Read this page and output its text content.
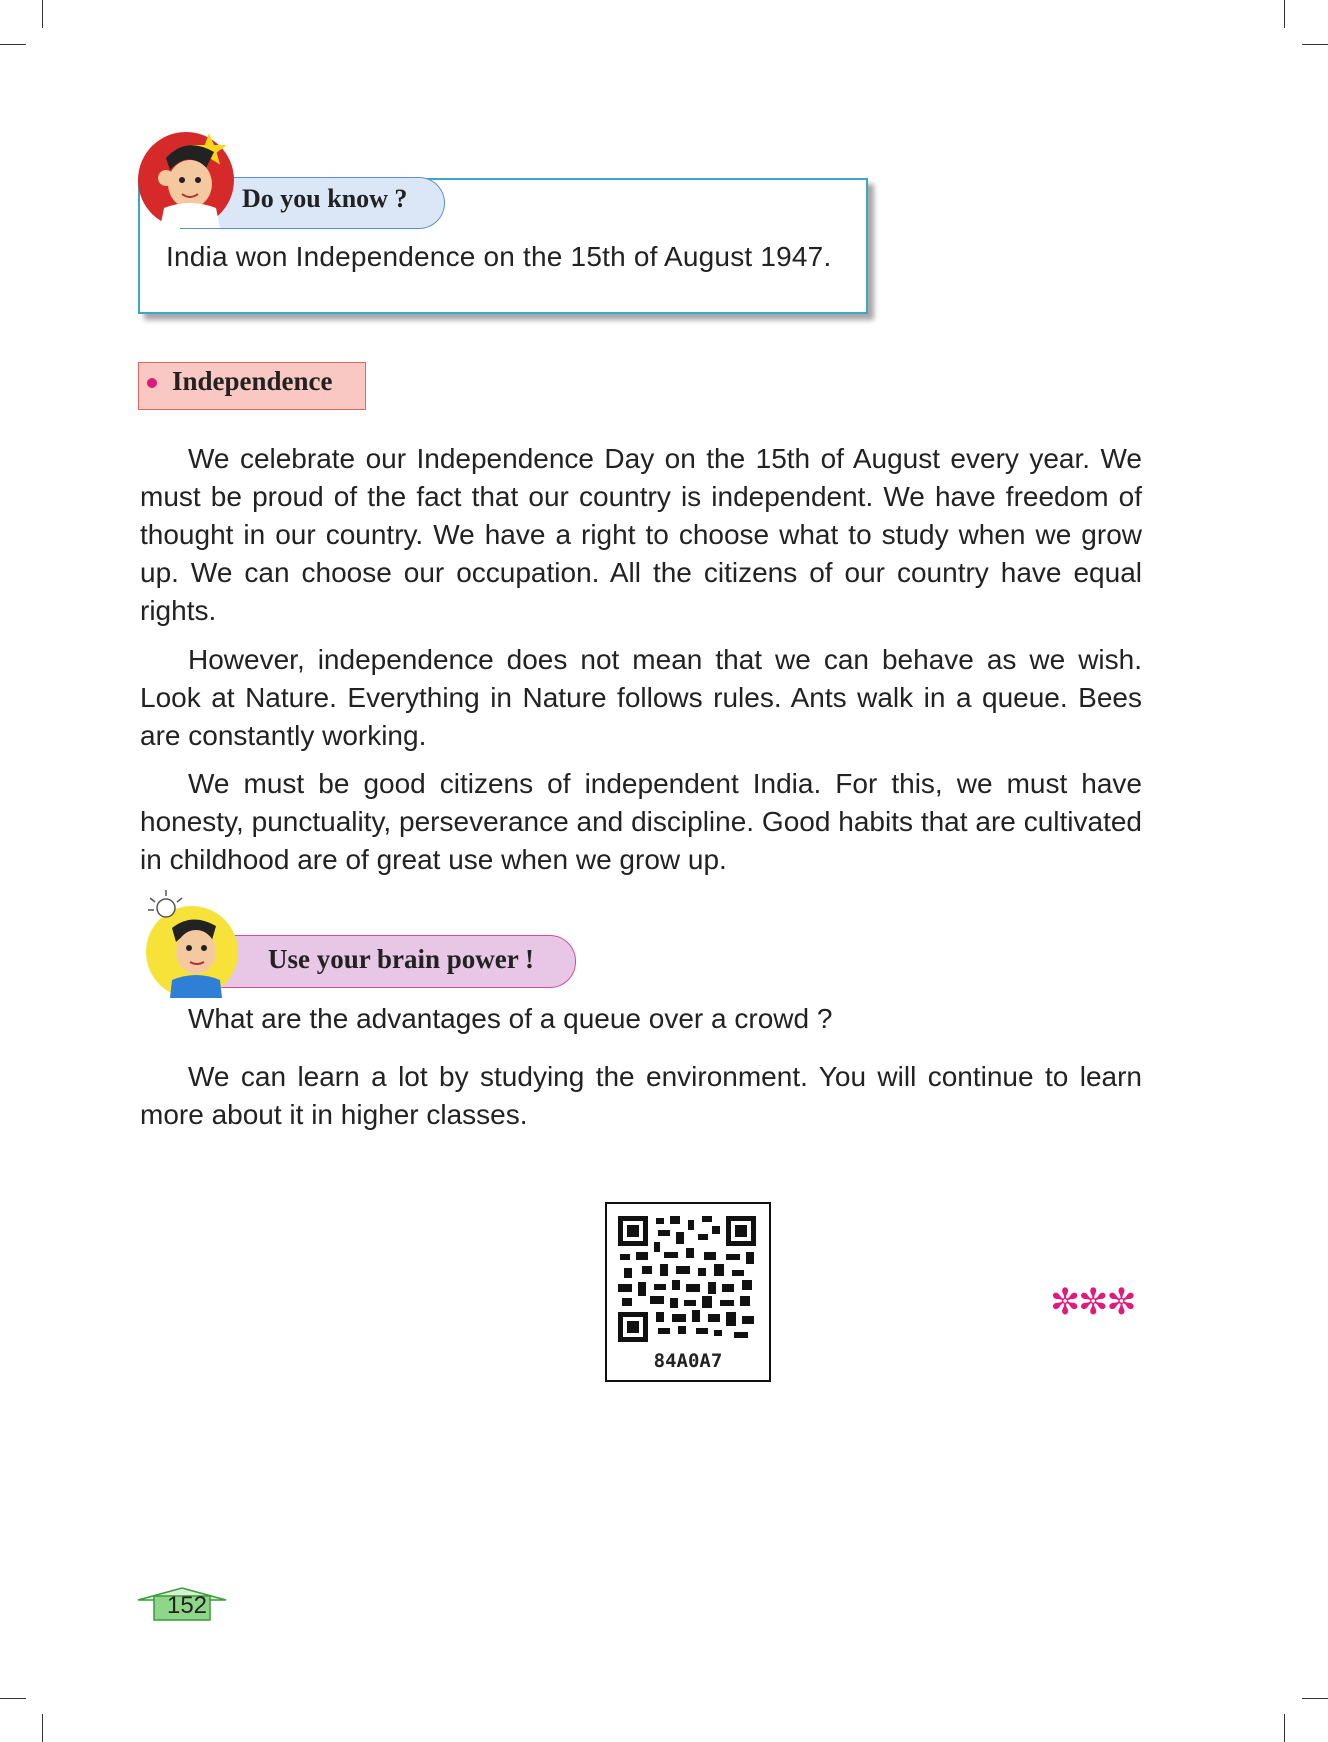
Do you know ?
India won Independence on the 15th of August 1947.
Independence

We celebrate our Independence Day on the 15th of August every year. We must be proud of the fact that our country is independent. We have freedom of thought in our country. We have a right to choose what to study when we grow up. We can choose our occupation. All the citizens of our country have equal rights.

However, independence does not mean that we can behave as we wish. Look at Nature. Everything in Nature follows rules. Ants walk in a queue. Bees are constantly working.

We must be good citizens of independent India. For this, we must have honesty, punctuality, perseverance and discipline. Good habits that are cultivated in childhood are of great use when we grow up.

Use your brain power !
What are the advantages of a queue over a crowd ?

We can learn a lot by studying the environment. You will continue to learn more about it in higher classes.

84A0A7
✼✼✼
152
